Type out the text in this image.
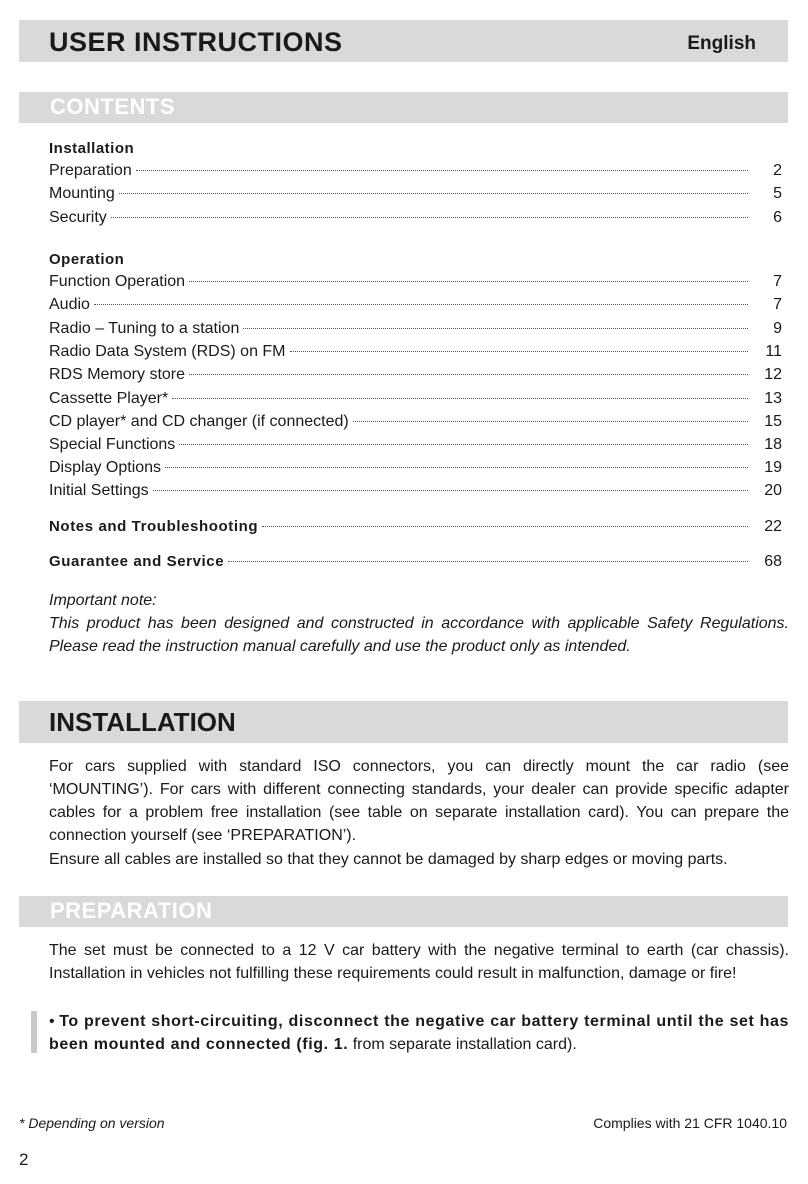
USER INSTRUCTIONS	English
CONTENTS
Installation
Preparation	2
Mounting	5
Security	6
Operation
Function Operation	7
Audio	7
Radio – Tuning to a station	9
Radio Data System (RDS) on FM	11
RDS Memory store	12
Cassette Player*	13
CD player* and CD changer (if connected)	15
Special Functions	18
Display Options	19
Initial Settings	20
Notes and Troubleshooting	22
Guarantee and Service	68
Important note:
This product has been designed and constructed in accordance with applicable Safety Regulations. Please read the instruction manual carefully and use the product only as intended.
INSTALLATION
For cars supplied with standard ISO connectors, you can directly mount the car radio (see ‘MOUNTING’). For cars with different connecting standards, your dealer can provide specific adapter cables for a problem free installation (see table on separate installation card). You can prepare the connection yourself (see ‘PREPARATION’).
Ensure all cables are installed so that they cannot be damaged by sharp edges or moving parts.
PREPARATION
The set must be connected to a 12 V car battery with the negative terminal to earth (car chassis). Installation in vehicles not fulfilling these requirements could result in malfunction, damage or fire!
• To prevent short-circuiting, disconnect the negative car battery terminal until the set has been mounted and connected (fig. 1. from separate installation card).
* Depending on version	Complies with 21 CFR 1040.10
2
